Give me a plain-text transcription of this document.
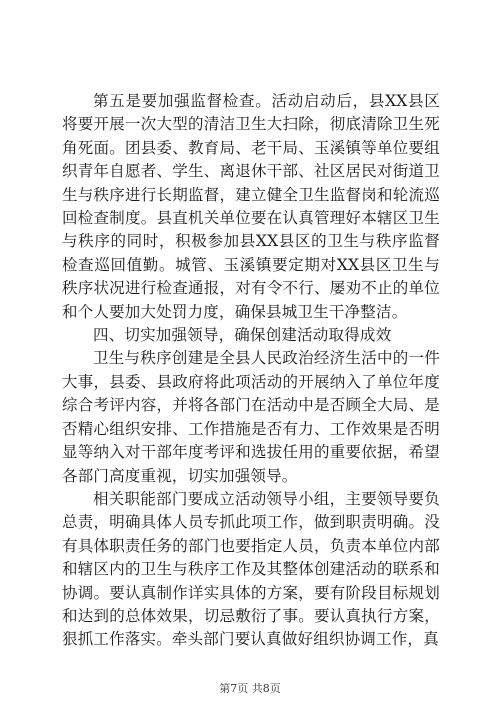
第五是要加强监督检查。活动启动后，县XX县区将要开展一次大型的清洁卫生大扫除，彻底清除卫生死角死面。团县委、教育局、老干局、玉溪镇等单位要组织青年自愿者、学生、离退休干部、社区居民对街道卫生与秩序进行长期监督，建立健全卫生监督岗和轮流巡回检查制度。县直机关单位要在认真管理好本辖区卫生与秩序的同时，积极参加县XX县区的卫生与秩序监督检查巡回值勤。城管、玉溪镇要定期对XX县区卫生与秩序状况进行检查通报，对有令不行、屡劝不止的单位和个人要加大处罚力度，确保县城卫生干净整洁。

四、切实加强领导，确保创建活动取得成效

卫生与秩序创建是全县人民政治经济生活中的一件大事，县委、县政府将此项活动的开展纳入了单位年度综合考评内容，并将各部门在活动中是否顾全大局、是否精心组织安排、工作措施是否有力、工作效果是否明显等纳入对干部年度考评和选拔任用的重要依据，希望各部门高度重视，切实加强领导。

相关职能部门要成立活动领导小组，主要领导要负总责，明确具体人员专抓此项工作，做到职责明确。没有具体职责任务的部门也要指定人员，负责本单位内部和辖区内的卫生与秩序工作及其整体创建活动的联系和协调。要认真制作详实具体的方案，要有阶段目标规划和达到的总体效果，切忌敷衍了事。要认真执行方案，狠抓工作落实。牵头部门要认真做好组织协调工作，真

第7页 共8页
